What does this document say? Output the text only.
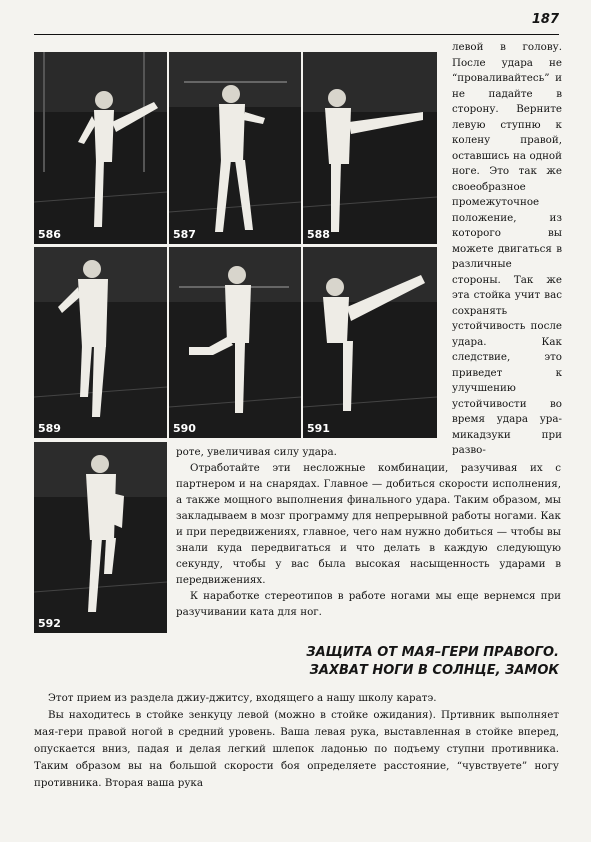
187
586	587	588
589	590	591

левой в голову. После удара не “проваливайтесь” и не падайте в сторону. Верните левую ступню к колену правой, оставшись на одной ноге. Это так же своеобразное промежуточное положение, из которого вы можете двигаться в различные стороны. Так же эта стойка учит вас сохранять устойчивость после удара. Как следствие, это приведет к улучшению устойчивости во время удара ура-микадзуки при разво-

592

роте, увеличивая силу удара.

Отработайте эти несложные комбинации, разучивая их с партнером и на снарядах. Главное — добиться скорости исполнения, а также мощного выполнения финального удара. Таким образом, мы закладываем в мозг программу для непрерывной работы ногами. Как и при передвижениях, главное, чего нам нужно добиться — чтобы вы знали куда передвигаться и что делать в каждую следующую секунду, чтобы у вас была высокая насыщенность ударами в передвижениях.

К наработке стереотипов в работе ногами мы еще вернемся при разучивании ката для ног.

ЗАЩИТА ОТ МАЯ–ГЕРИ ПРАВОГО.
ЗАХВАТ НОГИ В СОЛНЦЕ, ЗАМОК

Этот прием из раздела джиу-джитсу, входящего а нашу школу каратэ.

Вы находитесь в стойке зенкуцу левой (можно в стойке ожидания). Пртивник выполняет мая-гери правой ногой в средний уровень. Ваша левая рука, выставленная в стойке вперед, опускается вниз, падая и делая легкий шлепок ладонью по подъему ступни противника. Таким образом вы на большой скорости боя определяете расстояние, “чувствуете” ногу противника. Вторая ваша рука
